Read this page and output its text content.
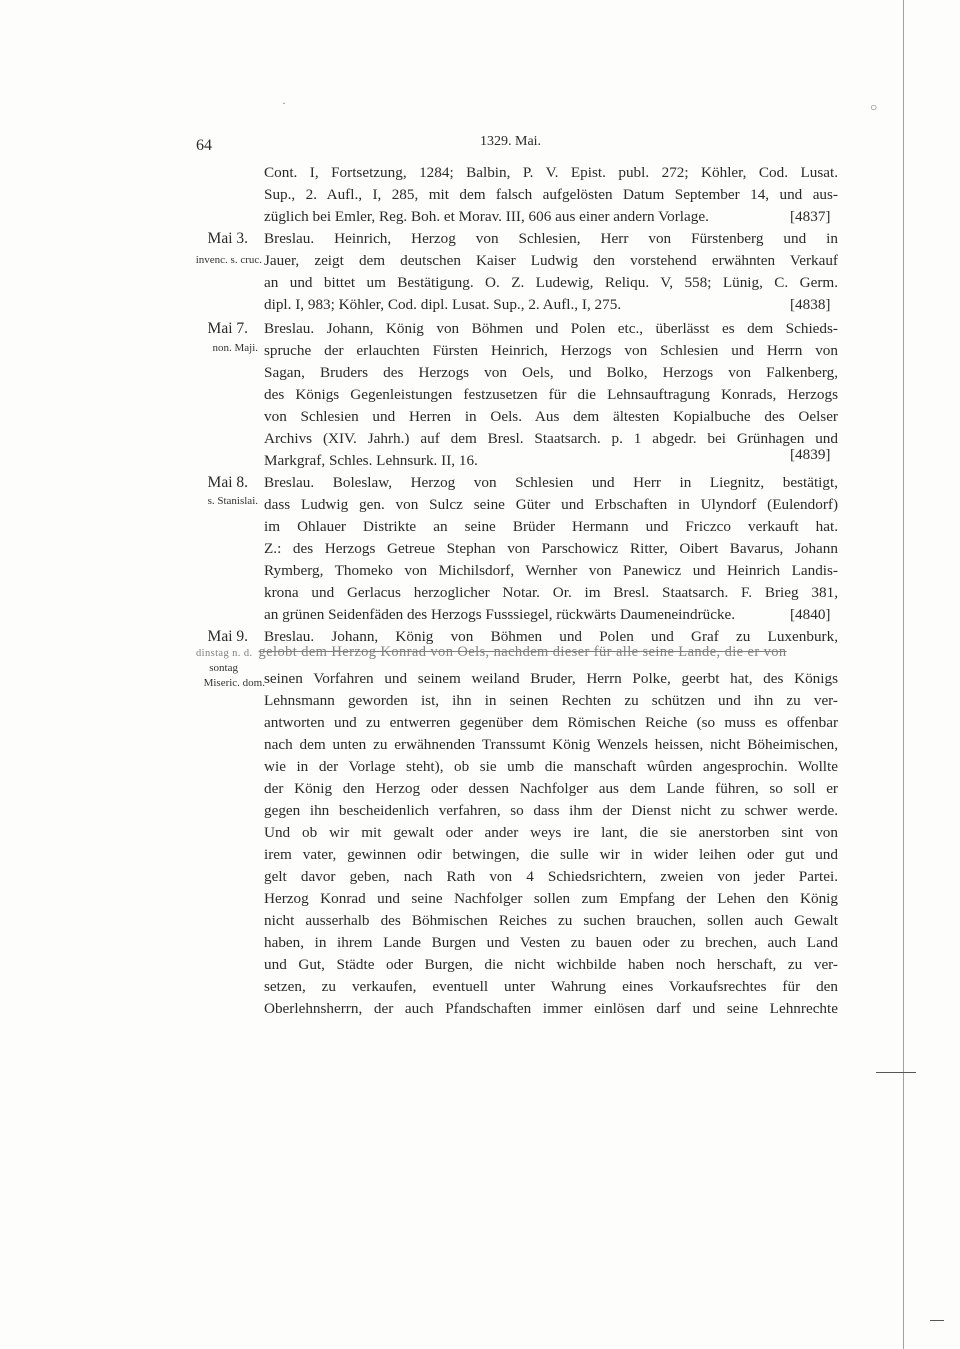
·	○
64	1329. Mai.
Cont. I, Fortsetzung, 1284; Balbin, P. V. Epist. publ. 272; Köhler, Cod. Lusat.
Sup., 2. Aufl., I, 285, mit dem falsch aufgelösten Datum September 14, und aus-
züglich bei Emler, Reg. Boh. et Morav. III, 606 aus einer andern Vorlage.	[4837]
Mai 3.
invenc. s. cruc.
Breslau. Heinrich, Herzog von Schlesien, Herr von Fürstenberg und in
Jauer, zeigt dem deutschen Kaiser Ludwig den vorstehend erwähnten Verkauf
an und bittet um Bestätigung. O. Z. Ludewig, Reliqu. V, 558; Lünig, C. Germ.
dipl. I, 983; Köhler, Cod. dipl. Lusat. Sup., 2. Aufl., I, 275.	[4838]
Mai 7.
non. Maji.
Breslau. Johann, König von Böhmen und Polen etc., überlässt es dem Schieds-
spruche der erlauchten Fürsten Heinrich, Herzogs von Schlesien und Herrn von
Sagan, Bruders des Herzogs von Oels, und Bolko, Herzogs von Falkenberg,
des Königs Gegenleistungen festzusetzen für die Lehnsauftragung Konrads, Herzogs
von Schlesien und Herren in Oels. Aus dem ältesten Kopialbuche des Oelser
Archivs (XIV. Jahrh.) auf dem Bresl. Staatsarch. p. 1 abgedr. bei Grünhagen und
Markgraf, Schles. Lehnsurk. II, 16.	[4839]
Mai 8.
s. Stanislai.
Breslau. Boleslaw, Herzog von Schlesien und Herr in Liegnitz, bestätigt,
dass Ludwig gen. von Sulcz seine Güter und Erbschaften in Ulyndorf (Eulendorf)
im Ohlauer Distrikte an seine Brüder Hermann und Friczco verkauft hat.
Z.: des Herzogs Getreue Stephan von Parschowicz Ritter, Oibert Bavarus, Johann
Rymberg, Thomeko von Michilsdorf, Wernher von Panewicz und Heinrich Landis-
krona und Gerlacus herzoglicher Notar. Or. im Bresl. Staatsarch. F. Brieg 381,
an grünen Seidenfäden des Herzogs Fusssiegel, rückwärts Daumeneindrücke.	[4840]
Mai 9. Breslau. Johann, König von Böhmen und Polen und Graf zu Luxenburk,
dinstag n. d. gelobt dem Herzog Konrad von Oels, nachdem dieser für alle seine Lande, die er von
sontag
Miseric. dom. seinen Vorfahren und seinem weiland Bruder, Herrn Polke, geerbt hat, des Königs
Lehnsmann geworden ist, ihn in seinen Rechten zu schützen und ihn zu ver-
antworten und zu entwerren gegenüber dem Römischen Reiche (so muss es offenbar
nach dem unten zu erwähnenden Transsumt König Wenzels heissen, nicht Böheimischen,
wie in der Vorlage steht), ob sie umb die manschaft wûrden angesprochin. Wollte
der König den Herzog oder dessen Nachfolger aus dem Lande führen, so soll er
gegen ihn bescheidenlich verfahren, so dass ihm der Dienst nicht zu schwer werde.
Und ob wir mit gewalt oder ander weys ire lant, die sie anerstorben sint von
irem vater, gewinnen odir betwingen, die sulle wir in wider leihen oder gut und
gelt davor geben, nach Rath von 4 Schiedsrichtern, zweien von jeder Partei.
Herzog Konrad und seine Nachfolger sollen zum Empfang der Lehen den König
nicht ausserhalb des Böhmischen Reiches zu suchen brauchen, sollen auch Gewalt
haben, in ihrem Lande Burgen und Vesten zu bauen oder zu brechen, auch Land
und Gut, Städte oder Burgen, die nicht wichbilde haben noch herschaft, zu ver-
setzen, zu verkaufen, eventuell unter Wahrung eines Vorkaufsrechtes für den
Oberlehnsherrn, der auch Pfandschaften immer einlösen darf und seine Lehnrechte
